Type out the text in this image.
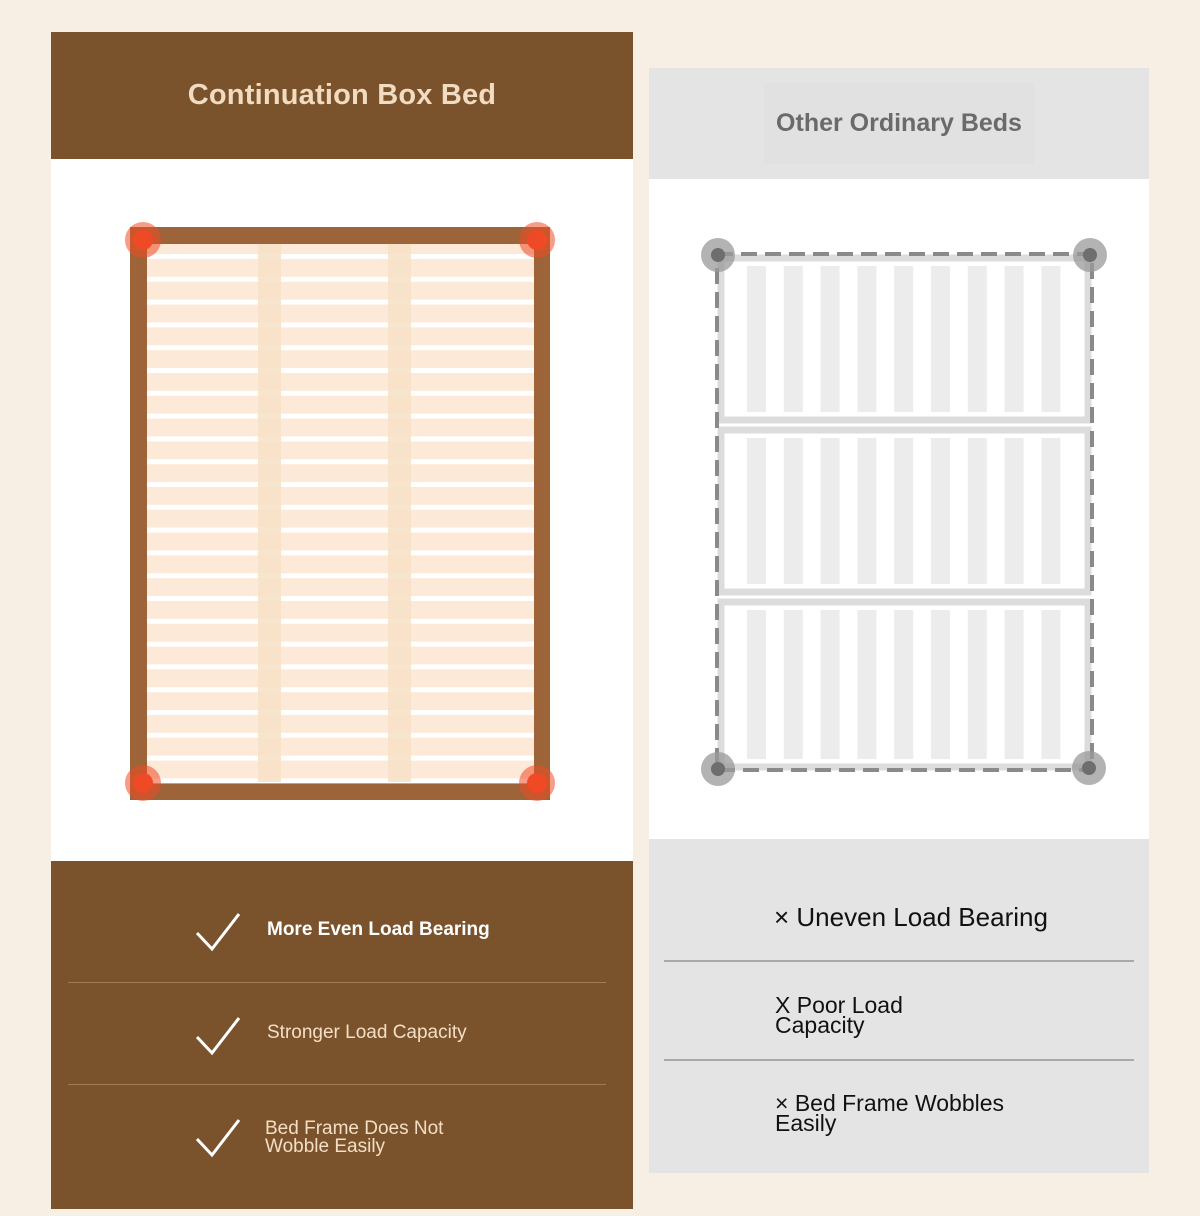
Continuation Box Bed
More Even Load Bearing
Stronger Load Capacity
Bed Frame Does Not
Wobble Easily
Other Ordinary Beds
× Uneven Load Bearing
X Poor Load
Capacity
× Bed Frame Wobbles
Easily
